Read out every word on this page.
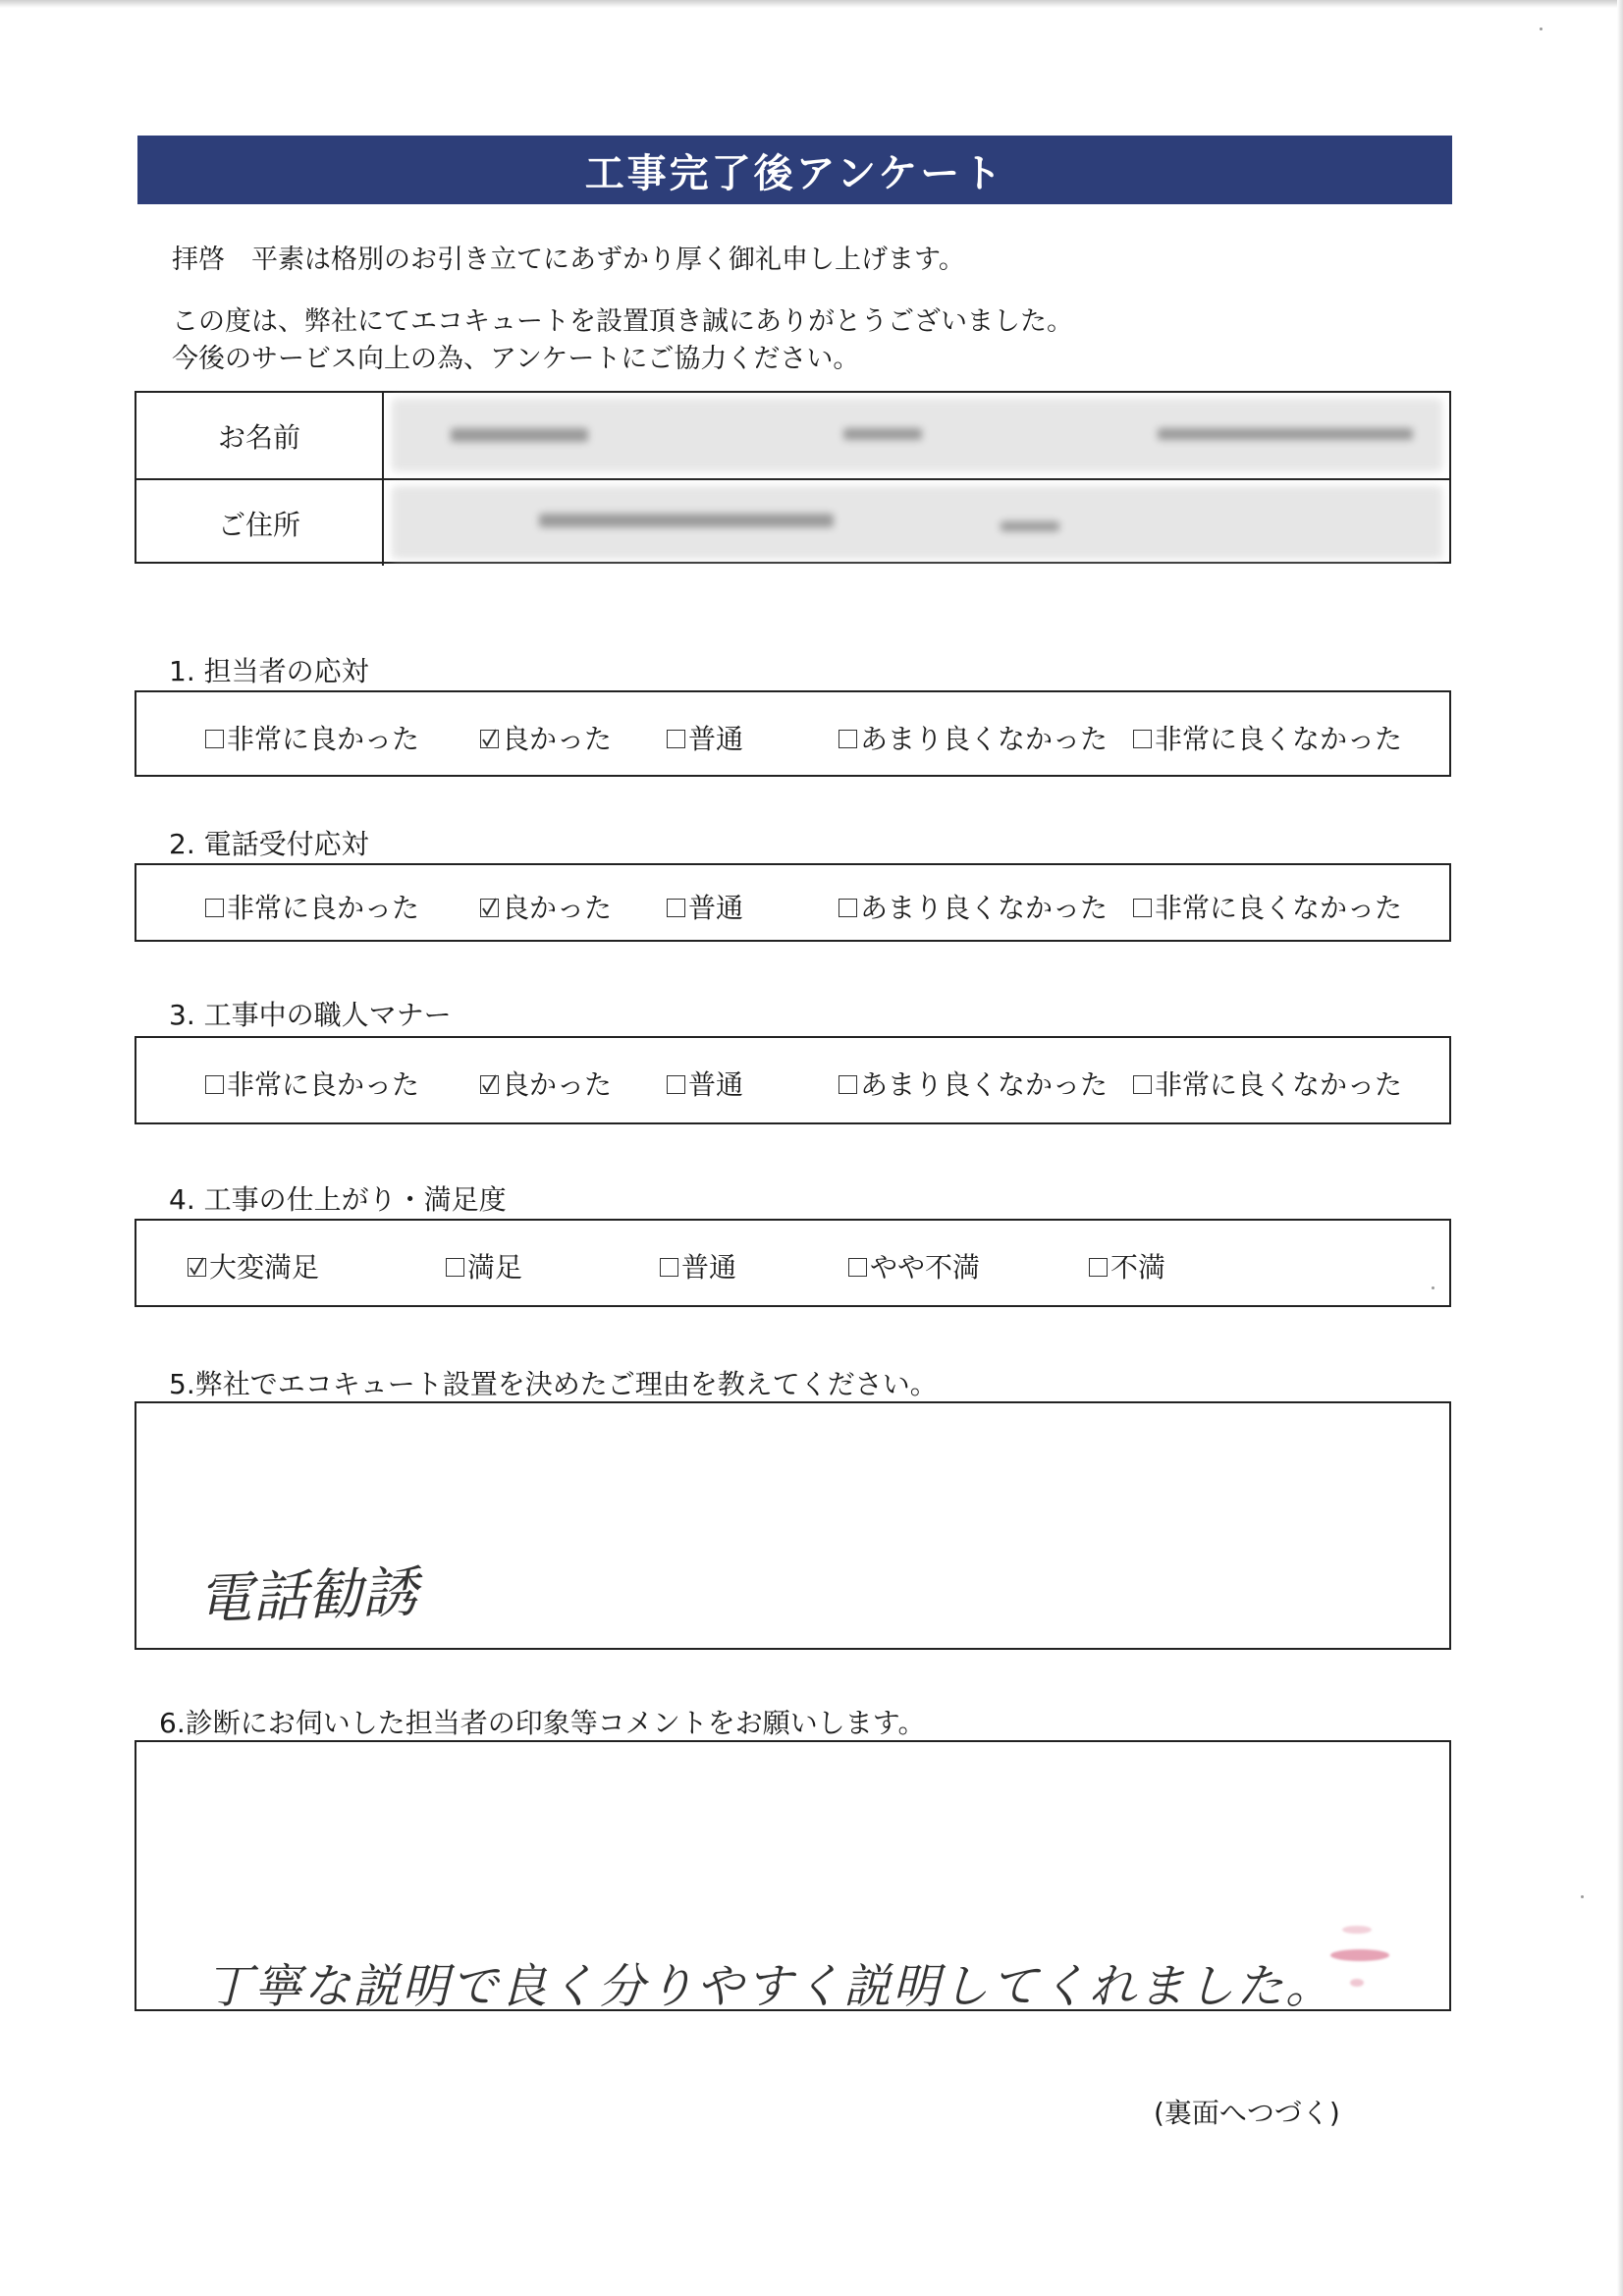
工事完了後アンケート
拝啓　平素は格別のお引き立てにあずかり厚く御礼申し上げます。
この度は、弊社にてエコキュートを設置頂き誠にありがとうございました。
今後のサービス向上の為、アンケートにご協力ください。
お名前
ご住所
1. 担当者の応対
非常に良かった	良かった	普通	あまり良くなかった 非常に良くなかった
2. 電話受付応対
非常に良かった	良かった	普通	あまり良くなかった 非常に良くなかった
3. 工事中の職人マナー
非常に良かった	良かった	普通	あまり良くなかった 非常に良くなかった
4. 工事の仕上がり・満足度
大変満足	満足	普通	やや不満	不満
5.弊社でエコキュート設置を決めたご理由を教えてください。
電話勧誘
6.診断にお伺いした担当者の印象等コメントをお願いします。
丁寧な説明で良く分りやすく説明してくれました。
(裏面へつづく)
